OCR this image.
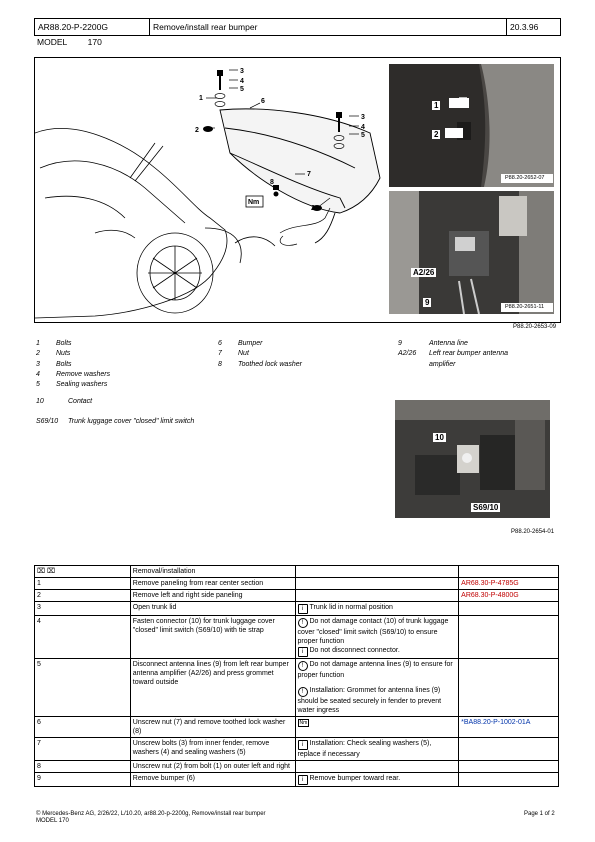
AR88.20-P-2200G	Remove/install rear bumper	20.3.96
MODEL 170
3
4
5
1	6
2
3
4
5
8
7
2
Nm
1
2
P88.20-2652-07
A2/26
9	P88.20-2651-11
P88.20-2653-09
1 Bolts
2 Nuts
3 Bolts
4 Remove washers
5 Sealing washers
6 Bumper
7 Nut
8 Toothed lock washer
9	Antenna line
A2/26	Left rear bumper antenna amplifier
10	Contact
S69/10 Trunk luggage cover "closed" limit switch
10
S69/10
P88.20-2654-01
⌧ ⌧	Removal/installation		
1	Remove paneling from rear center section		AR68.30-P-4785G
2	Remove left and right side paneling		AR68.30-P-4800G
3	Open trunk lid	i Trunk lid in normal position	
4	Fasten connector (10) for trunk luggage cover "closed" limit switch (S69/10) with tie strap	! Do not damage contact (10) of trunk luggage cover "closed" limit switch (S69/10) to ensure proper function
i Do not disconnect connector.	

5	Disconnect antenna lines (9) from left rear bumper antenna amplifier (A2/26) and press grommet toward outside	! Do not damage antenna lines (9) to ensure for proper function
! Installation: Grommet for antenna lines (9) should be seated securely in fender to prevent water ingress	

6	Unscrew nut (7) and remove toothed lock washer (8)	Nm	*BA88.20-P-1002-01A
7	Unscrew bolts (3) from inner fender, remove washers (4) and sealing washers (5)	i Installation: Check sealing washers (5), replace if necessary	
8	Unscrew nut (2) from bolt (1) on outer left and right		
9	Remove bumper (6)	i Remove bumper toward rear.	
© Mercedes-Benz AG, 2/26/22, L/10.20, ar88.20-p-2200g, Remove/install rear bumper
MODEL 170
Page 1 of 2
